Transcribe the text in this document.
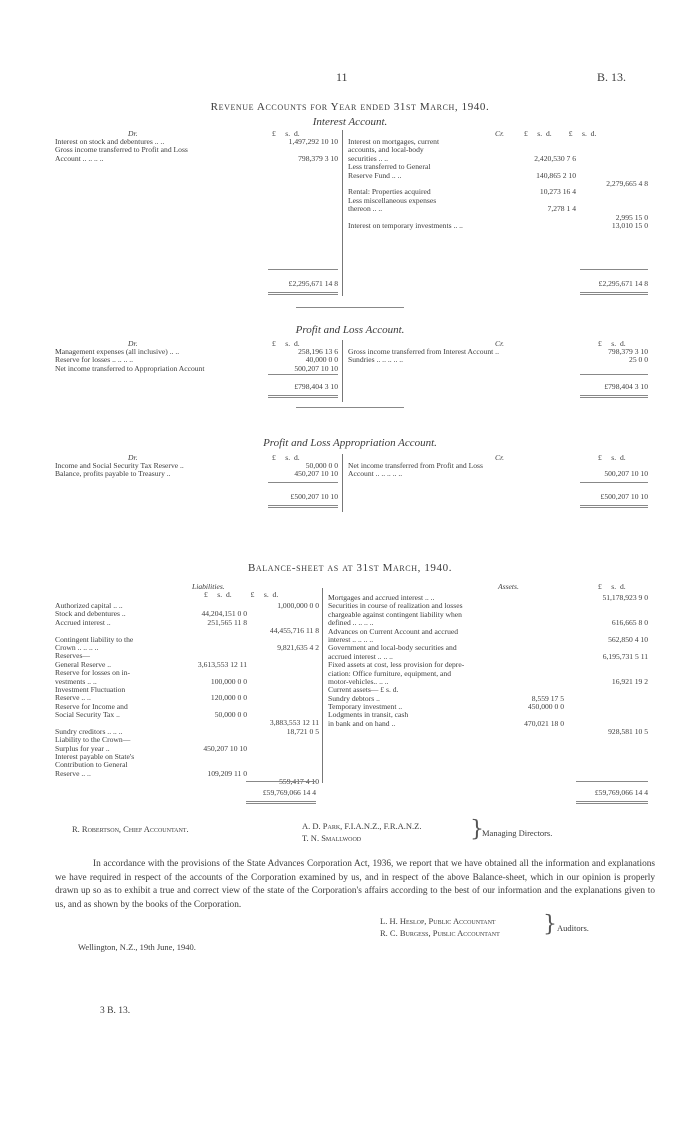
11	B. 13.
Revenue Accounts for Year ended 31st March, 1940.
Interest Account.
Dr.	Cr.
£     s.  d.	£     s.  d.         £     s.  d.
Interest on stock and debentures .. ..	1,497,292 10 10
Gross income transferred to Profit and Loss
Account .. .. .. ..	798,379 3 10
Interest on mortgages, current
accounts, and local-body
securities .. ..	2,420,530 7 6
Less transferred to General
Reserve Fund .. ..	140,865 2 10
2,279,665 4 8
Rental: Properties acquired	10,273 16 4
Less miscellaneous expenses
thereon .. ..	7,278 1 4
2,995 15 0
Interest on temporary investments .. ..	13,010 15 0
£2,295,671 14 8	£2,295,671 14 8
Profit and Loss Account.
Dr.	Cr.
£     s.  d.	£     s.  d.
Management expenses (all inclusive) .. ..	258,196 13 6
Reserve for losses .. .. .. ..	40,000 0 0
Net income transferred to Appropriation Account	500,207 10 10
Gross income transferred from Interest Account ..	798,379 3 10
Sundries .. .. .. .. ..	25 0 0
£798,404 3 10	£798,404 3 10
Profit and Loss Appropriation Account.
Dr.	Cr.
£     s.  d.	£     s.  d.
Income and Social Security Tax Reserve ..	50,000 0 0
Balance, profits payable to Treasury ..	450,207 10 10
Net income transferred from Profit and Loss
Account .. .. .. .. ..	500,207 10 10
£500,207 10 10	£500,207 10 10
Balance-sheet as at 31st March, 1940.
Liabilities.	Assets.
£     s.  d.          £     s.  d.
£     s.  d.
Authorized capital .. ..	1,000,000 0 0
Stock and debentures ..	44,204,151 0 0
Accrued interest ..	251,565 11 8
44,455,716 11 8
Contingent liability to the
Crown .. .. .. ..	9,821,635 4 2
Reserves—
General Reserve ..	3,613,553 12 11
Reserve for losses on in-
vestments .. ..	100,000 0 0
Investment Fluctuation
Reserve .. ..	120,000 0 0
Reserve for Income and
Social Security Tax ..	50,000 0 0
3,883,553 12 11
Sundry creditors .. .. ..	18,721 0 5
Liability to the Crown—
Surplus for year ..	450,207 10 10
Interest payable on State's
Contribution to General
Reserve .. ..	109,209 11 0
559,417 4 10
Mortgages and accrued interest .. ..	51,178,923 9 0
Securities in course of realization and losses
chargeable against contingent liability when
defined .. .. .. ..	616,665 8 0
Advances on Current Account and accrued
interest .. .. .. ..	562,850 4 10
Government and local-body securities and
accrued interest .. .. ..	6,195,731 5 11
Fixed assets at cost, less provision for depre-
ciation: Office furniture, equipment, and
motor-vehicles.. .. ..	16,921 19 2
Current assets— £ s. d.
Sundry debtors ..	8,559 17 5
Temporary investment ..	450,000 0 0
Lodgments in transit, cash
in bank and on hand ..	470,021 18 0
928,581 10 5
£59,769,066 14 4	£59,769,066 14 4
R. Robertson, Chief Accountant.	A. D. Park, F.I.A.N.Z., F.R.A.N.Z.
T. N. Smallwood	}
Managing Directors.
In accordance with the provisions of the State Advances Corporation Act, 1936, we report that we have obtained all the information and explanations we have required in respect of the accounts of the Corporation examined by us, and in respect of the above Balance-sheet, which in our opinion is properly drawn up so as to exhibit a true and correct view of the state of the Corporation's affairs according to the best of our information and the explanations given to us, and as shown by the books of the Corporation.
L. H. Heslop, Public Accountant
R. C. Burgess, Public Accountant } Auditors.
Wellington, N.Z., 19th June, 1940.
3 B. 13.
